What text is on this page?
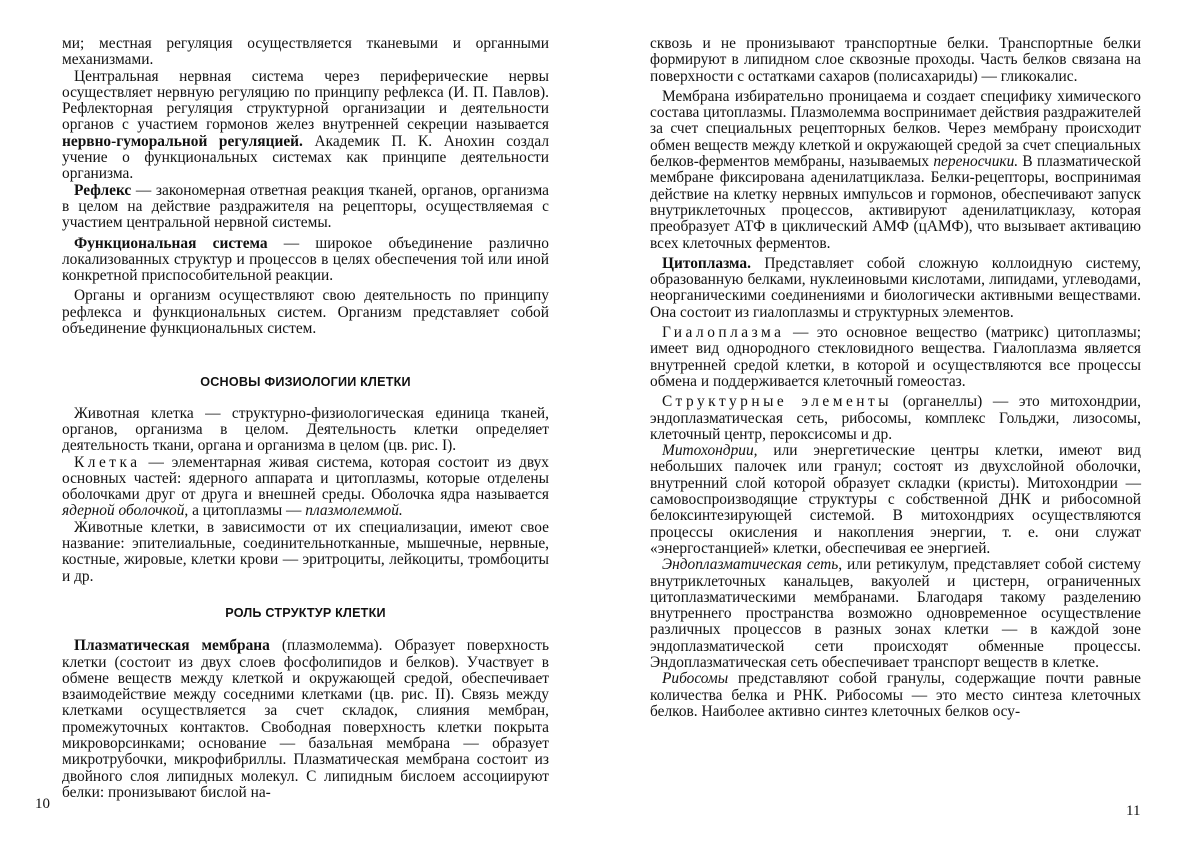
ми; местная регуляция осуществляется тканевыми и органными механизмами.

Центральная нервная система через периферические нервы осуществляет нервную регуляцию по принципу рефлекса (И. П. Павлов). Рефлекторная регуляция структурной организации и деятельности органов с участием гормонов желез внутренней секреции называется нервно-гуморальной регуляцией. Академик П. К. Анохин создал учение о функциональных системах как принципе деятельности организма.

Рефлекс — закономерная ответная реакция тканей, органов, организма в целом на действие раздражителя на рецепторы, осуществляемая с участием центральной нервной системы.

Функциональная система — широкое объединение различно локализованных структур и процессов в целях обеспечения той или иной конкретной приспособительной реакции.

Органы и организм осуществляют свою деятельность по принципу рефлекса и функциональных систем. Организм представляет собой объединение функциональных систем.

ОСНОВЫ ФИЗИОЛОГИИ КЛЕТКИ

Животная клетка — структурно-физиологическая единица тканей, органов, организма в целом. Деятельность клетки определяет деятельность ткани, органа и организма в целом (цв. рис. I).

Клетка — элементарная живая система, которая состоит из двух основных частей: ядерного аппарата и цитоплазмы, которые отделены оболочками друг от друга и внешней среды. Оболочка ядра называется ядерной оболочкой, а цитоплазмы — плазмолеммой.

Животные клетки, в зависимости от их специализации, имеют свое название: эпителиальные, соединительнотканные, мышечные, нервные, костные, жировые, клетки крови — эритроциты, лейкоциты, тромбоциты и др.

РОЛЬ СТРУКТУР КЛЕТКИ

Плазматическая мембрана (плазмолемма). Образует поверхность клетки (состоит из двух слоев фосфолипидов и белков). Участвует в обмене веществ между клеткой и окружающей средой, обеспечивает взаимодействие между соседними клетками (цв. рис. II). Связь между клетками осуществляется за счет складок, слияния мембран, промежуточных контактов. Свободная поверхность клетки покрыта микроворсинками; основание — базальная мембрана — образует микротрубочки, микрофибриллы. Плазматическая мембрана состоит из двойного слоя липидных молекул. С липидным бислоем ассоциируют белки: пронизывают бислой на-

10

сквозь и не пронизывают транспортные белки. Транспортные белки формируют в липидном слое сквозные проходы. Часть белков связана на поверхности с остатками сахаров (полисахариды) — гликокалис.

Мембрана избирательно проницаема и создает специфику химического состава цитоплазмы. Плазмолемма воспринимает действия раздражителей за счет специальных рецепторных белков. Через мембрану происходит обмен веществ между клеткой и окружающей средой за счет специальных белков-ферментов мембраны, называемых переносчики. В плазматической мембране фиксирована аденилатциклаза. Белки-рецепторы, воспринимая действие на клетку нервных импульсов и гормонов, обеспечивают запуск внутриклеточных процессов, активируют аденилатциклазу, которая преобразует АТФ в циклический АМФ (цАМФ), что вызывает активацию всех клеточных ферментов.

Цитоплазма. Представляет собой сложную коллоидную систему, образованную белками, нуклеиновыми кислотами, липидами, углеводами, неорганическими соединениями и биологически активными веществами. Она состоит из гиалоплазмы и структурных элементов.

Гиалоплазма — это основное вещество (матрикс) цитоплазмы; имеет вид однородного стекловидного вещества. Гиалоплазма является внутренней средой клетки, в которой и осуществляются все процессы обмена и поддерживается клеточный гомеостаз.

Структурные элементы (органеллы) — это митохондрии, эндоплазматическая сеть, рибосомы, комплекс Гольджи, лизосомы, клеточный центр, пероксисомы и др.

Митохондрии, или энергетические центры клетки, имеют вид небольших палочек или гранул; состоят из двухслойной оболочки, внутренний слой которой образует складки (кристы). Митохондрии — самовоспроизводящие структуры с собственной ДНК и рибосомной белоксинтезирующей системой. В митохондриях осуществляются процессы окисления и накопления энергии, т. е. они служат «энергостанцией» клетки, обеспечивая ее энергией.

Эндоплазматическая сеть, или ретикулум, представляет собой систему внутриклеточных канальцев, вакуолей и цистерн, ограниченных цитоплазматическими мембранами. Благодаря такому разделению внутреннего пространства возможно одновременное осуществление различных процессов в разных зонах клетки — в каждой зоне эндоплазматической сети происходят обменные процессы. Эндоплазматическая сеть обеспечивает транспорт веществ в клетке.

Рибосомы представляют собой гранулы, содержащие почти равные количества белка и РНК. Рибосомы — это место синтеза клеточных белков. Наиболее активно синтез клеточных белков осу-

11
